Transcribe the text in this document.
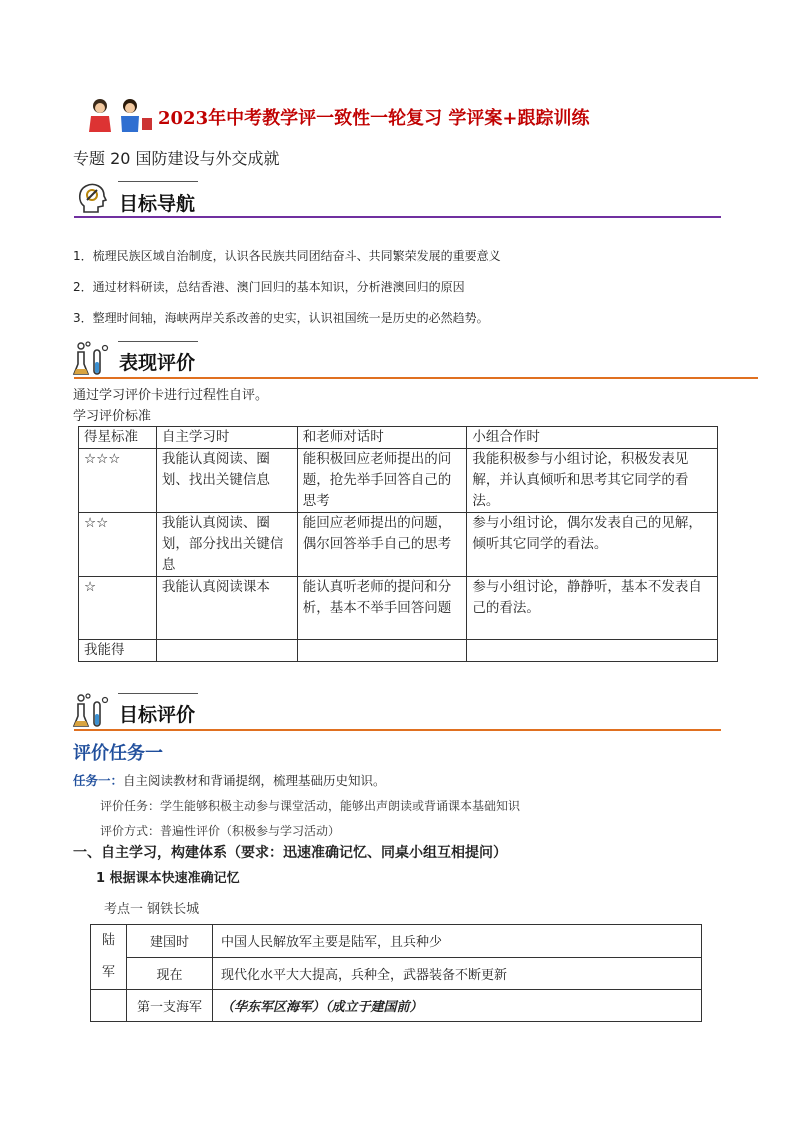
2023年中考教学评一致性一轮复习 学评案+跟踪训练
专题 20 国防建设与外交成就
目标导航
1．梳理民族区域自治制度，认识各民族共同团结奋斗、共同繁荣发展的重要意义
2．通过材料研读，总结香港、澳门回归的基本知识，分析港澳回归的原因
3．整理时间轴，海峡两岸关系改善的史实，认识祖国统一是历史的必然趋势。
表现评价
通过学习评价卡进行过程性自评。
学习评价标准
得星标准	自主学习时	和老师对话时	小组合作时
☆☆☆	我能认真阅读、圈划、找出关键信息	能积极回应老师提出的问题，抢先举手回答自己的思考	我能积极参与小组讨论，积极发表见解，并认真倾听和思考其它同学的看法。
☆☆	我能认真阅读、圈划，部分找出关键信息	能回应老师提出的问题，偶尔回答举手自己的思考	参与小组讨论，偶尔发表自己的见解，倾听其它同学的看法。
☆	我能认真阅读课本	能认真听老师的提问和分析，基本不举手回答问题	参与小组讨论，静静听，基本不发表自己的看法。
我能得			
目标评价
评价任务一
任务一：自主阅读教材和背诵提纲，梳理基础历史知识。
评价任务：学生能够积极主动参与课堂活动，能够出声朗读或背诵课本基础知识
评价方式：普遍性评价（积极参与学习活动）
一、自主学习，构建体系（要求：迅速准确记忆、同桌小组互相提问）
1 根据课本快速准确记忆
考点一 钢铁长城
陆
军	建国时	中国人民解放军主要是陆军，且兵种少
	现在	现代化水平大大提高，兵种全，武器装备不断更新
	第一支海军	（华东军区海军）（成立于建国前）
